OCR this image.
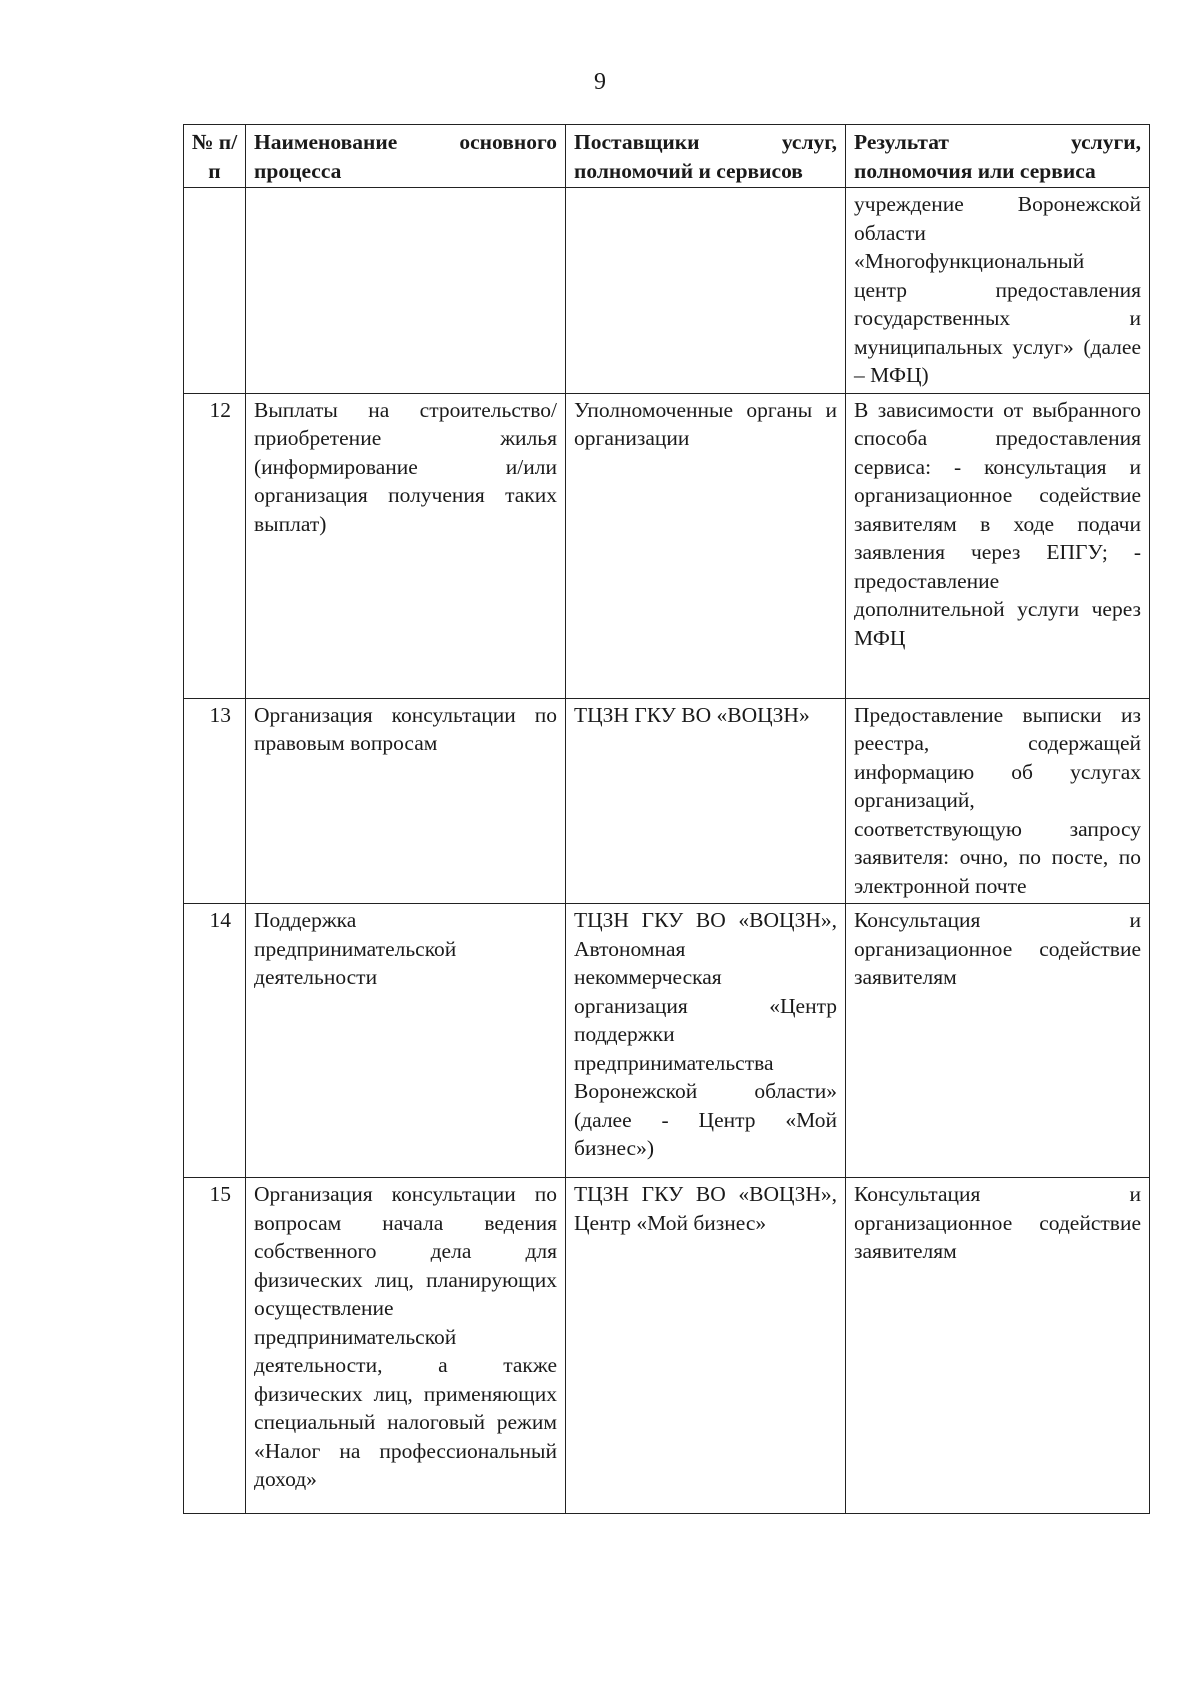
9
№ п/п	Наименование основного процесса	Поставщики услуг, полномочий и сервисов	Результат услуги, полномочия или сервиса
			учреждение Воронежской области «Многофункциональный центр предоставления государственных и муниципальных услуг» (далее – МФЦ)
12	Выплаты на строительство/приобретение жилья (информирование и/или организация получения таких выплат)	Уполномоченные органы и организации	В зависимости от выбранного способа предоставления сервиса: - консультация и организационное содействие заявителям в ходе подачи заявления через ЕПГУ; - предоставление дополнительной услуги через МФЦ
13	Организация консультации по правовым вопросам	ТЦЗН ГКУ ВО «ВОЦЗН»	Предоставление выписки из реестра, содержащей информацию об услугах организаций, соответствующую запросу заявителя: очно, по посте, по электронной почте
14	Поддержка предпринимательской деятельности	ТЦЗН ГКУ ВО «ВОЦЗН», Автономная некоммерческая организация «Центр поддержки предпринимательства Воронежской области» (далее - Центр «Мой бизнес»)	Консультация и организационное содействие заявителям
15	Организация консультации по вопросам начала ведения собственного дела для физических лиц, планирующих осуществление предпринимательской деятельности, а также физических лиц, применяющих специальный налоговый режим «Налог на профессиональный доход»	ТЦЗН ГКУ ВО «ВОЦЗН», Центр «Мой бизнес»	Консультация и организационное содействие заявителям
